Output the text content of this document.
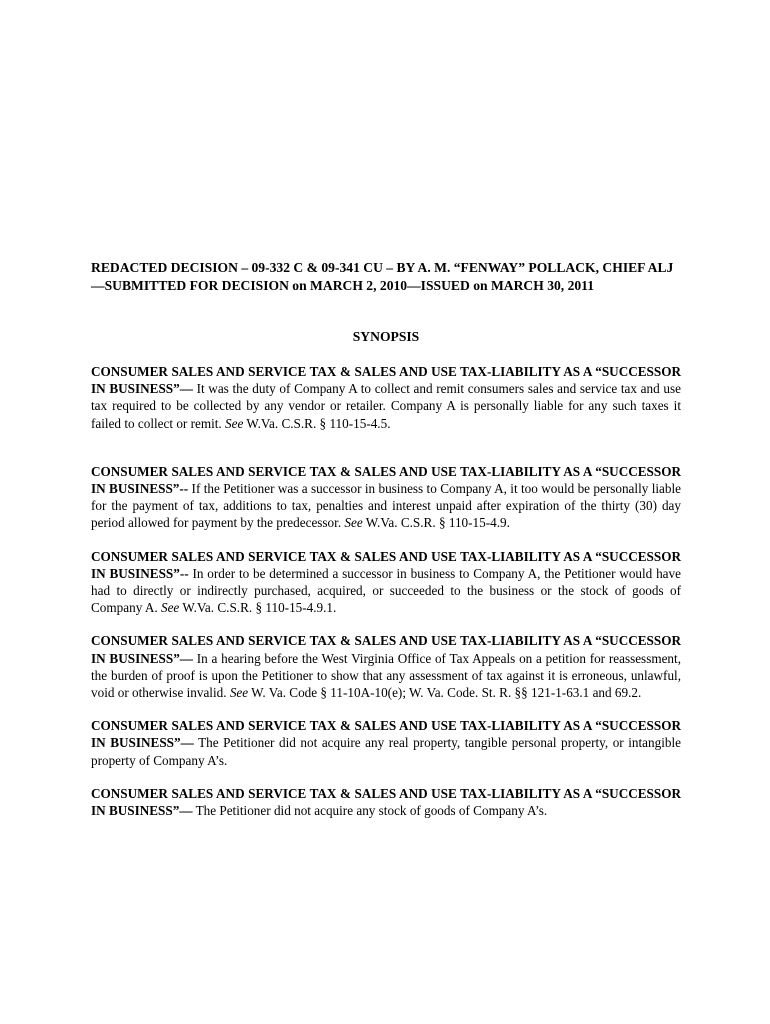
REDACTED DECISION – 09-332 C & 09-341 CU – BY A. M. “FENWAY” POLLACK, CHIEF ALJ—SUBMITTED FOR DECISION on MARCH 2, 2010—ISSUED on MARCH 30, 2011

SYNOPSIS

CONSUMER SALES AND SERVICE TAX & SALES AND USE TAX-LIABILITY AS A “SUCCESSOR IN BUSINESS”— It was the duty of Company A to collect and remit consumers sales and service tax and use tax required to be collected by any vendor or retailer. Company A is personally liable for any such taxes it failed to collect or remit. See W.Va. C.S.R. § 110-15-4.5.

CONSUMER SALES AND SERVICE TAX & SALES AND USE TAX-LIABILITY AS A “SUCCESSOR IN BUSINESS”-- If the Petitioner was a successor in business to Company A, it too would be personally liable for the payment of tax, additions to tax, penalties and interest unpaid after expiration of the thirty (30) day period allowed for payment by the predecessor. See W.Va. C.S.R. § 110-15-4.9.

CONSUMER SALES AND SERVICE TAX & SALES AND USE TAX-LIABILITY AS A “SUCCESSOR IN BUSINESS”-- In order to be determined a successor in business to Company A, the Petitioner would have had to directly or indirectly purchased, acquired, or succeeded to the business or the stock of goods of Company A. See W.Va. C.S.R. § 110-15-4.9.1.

CONSUMER SALES AND SERVICE TAX & SALES AND USE TAX-LIABILITY AS A “SUCCESSOR IN BUSINESS”— In a hearing before the West Virginia Office of Tax Appeals on a petition for reassessment, the burden of proof is upon the Petitioner to show that any assessment of tax against it is erroneous, unlawful, void or otherwise invalid. See W. Va. Code § 11-10A-10(e); W. Va. Code. St. R. §§ 121-1-63.1 and 69.2.

CONSUMER SALES AND SERVICE TAX & SALES AND USE TAX-LIABILITY AS A “SUCCESSOR IN BUSINESS”— The Petitioner did not acquire any real property, tangible personal property, or intangible property of Company A’s.

CONSUMER SALES AND SERVICE TAX & SALES AND USE TAX-LIABILITY AS A “SUCCESSOR IN BUSINESS”— The Petitioner did not acquire any stock of goods of Company A’s.
